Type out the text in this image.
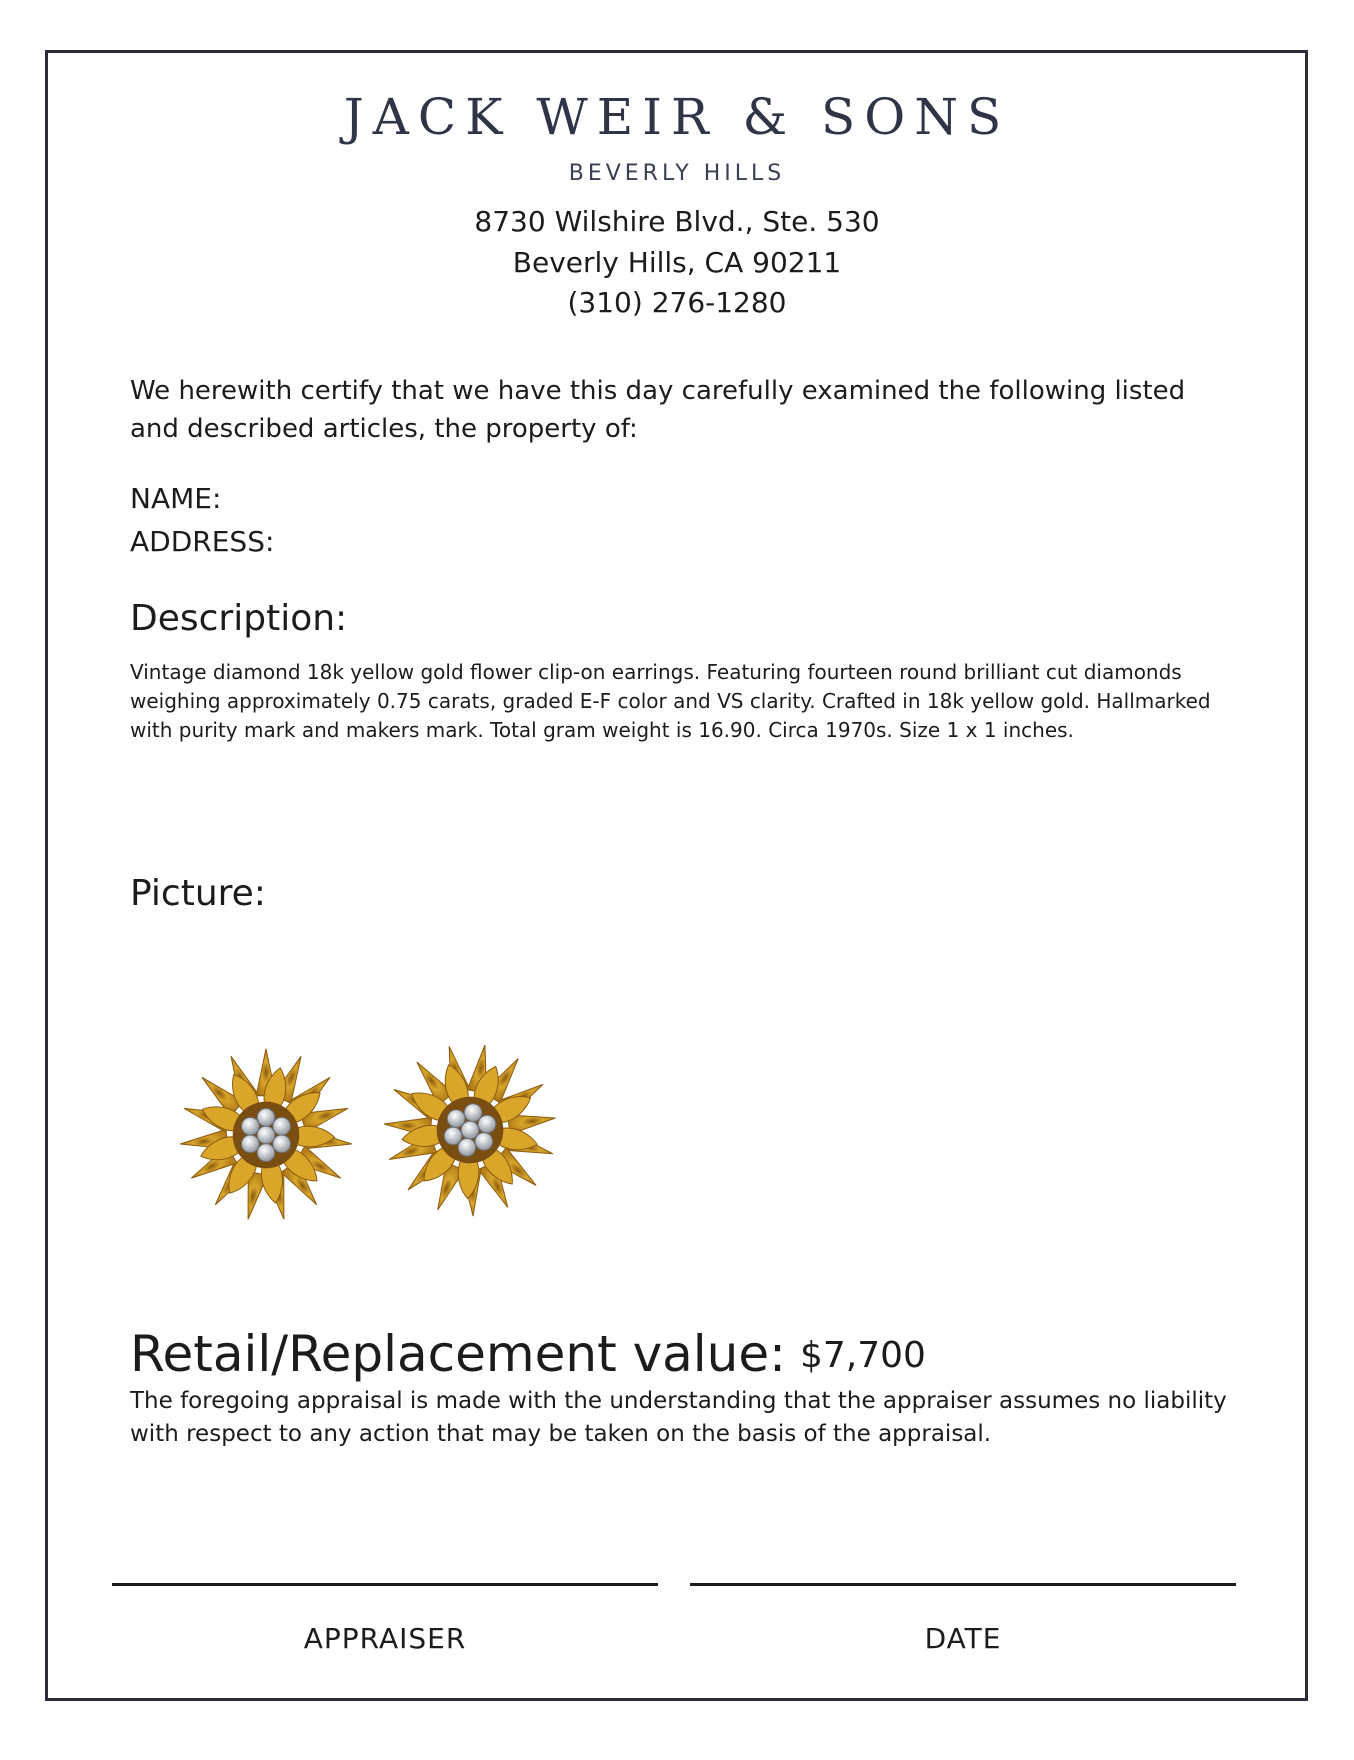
JACK WEIR & SONS
BEVERLY HILLS
8730 Wilshire Blvd., Ste. 530
Beverly Hills, CA 90211
(310) 276-1280
We herewith certify that we have this day carefully examined the following listed and described articles, the property of:
NAME:
ADDRESS:
Description:
Vintage diamond 18k yellow gold flower clip-on earrings. Featuring fourteen round brilliant cut diamonds weighing approximately 0.75 carats, graded E-F color and VS clarity. Crafted in 18k yellow gold. Hallmarked with purity mark and makers mark. Total gram weight is 16.90. Circa 1970s. Size 1 x 1 inches.
Picture:
Retail/Replacement value: $7,700
The foregoing appraisal is made with the understanding that the appraiser assumes no liability with respect to any action that may be taken on the basis of the appraisal.
APPRAISER	DATE
